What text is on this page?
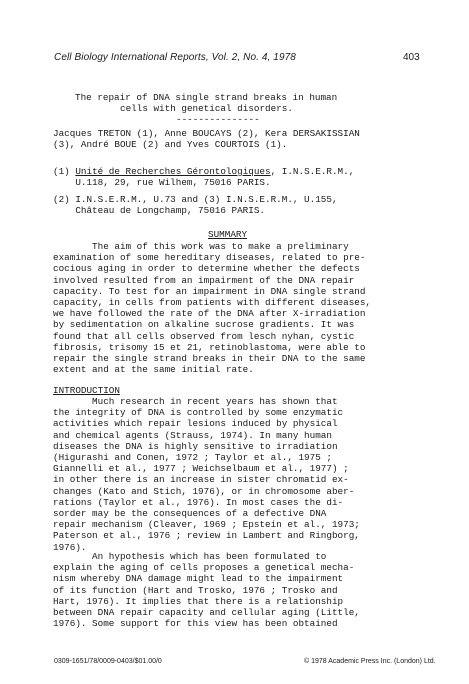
Cell Biology International Reports, Vol. 2, No. 4, 1978	403
The repair of DNA single strand breaks in human
cells with genetical disorders.
---------------
Jacques TRETON (1), Anne BOUCAYS (2), Kera DERSAKISSIAN
(3), André BOUE (2) and Yves COURTOIS (1).
(1) Unité de Recherches Gérontologiques, I.N.S.E.R.M.,
U.118, 29, rue Wilhem, 75016 PARIS.
(2) I.N.S.E.R.M., U.73 and (3) I.N.S.E.R.M., U.155,
Château de Longchamp, 75016 PARIS.
SUMMARY
The aim of this work was to make a preliminary
examination of some hereditary diseases, related to pre-
cocious aging in order to determine whether the defects
involved resulted from an impairment of the DNA repair
capacity. To test for an impairment in DNA single strand
capacity, in cells from patients with different diseases,
we have followed the rate of the DNA after X-irradiation
by sedimentation on alkaline sucrose gradients. It was
found that all cells observed from lesch nyhan, cystic
fibrosis, trisomy 15 et 21, retinoblastoma, were able to
repair the single strand breaks in their DNA to the same
extent and at the same initial rate.
INTRODUCTION
Much research in recent years has shown that
the integrity of DNA is controlled by some enzymatic
activities which repair lesions induced by physical
and chemical agents (Strauss, 1974). In many human
diseases the DNA is highly sensitive to irradiation
(Higurashi and Conen, 1972 ; Taylor et al., 1975 ;
Giannelli et al., 1977 ; Weichselbaum et al., 1977) ;
in other there is an increase in sister chromatid ex-
changes (Kato and Stich, 1976), or in chromosome aber-
rations (Taylor et al., 1976). In most cases the di-
sorder may be the consequences of a defective DNA
repair mechanism (Cleaver, 1969 ; Epstein et al., 1973;
Paterson et al., 1976 ; review in Lambert and Ringborg,
1976).
An hypothesis which has been formulated to
explain the aging of cells proposes a genetical mecha-
nism whereby DNA damage might lead to the impairment
of its function (Hart and Trosko, 1976 ; Trosko and
Hart, 1976). It implies that there is a relationship
between DNA repair capacity and cellular aging (Little,
1976). Some support for this view has been obtained
0309-1651/78/0009-0403/$01.00/0	© 1978 Academic Press Inc. (London) Ltd.
